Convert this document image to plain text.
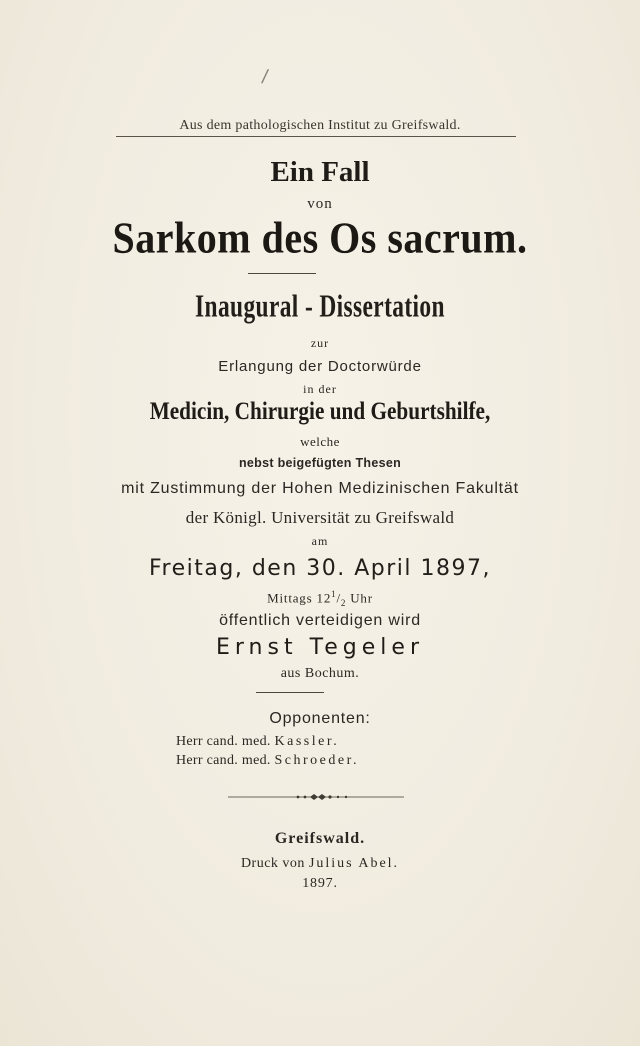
/
Aus dem pathologischen Institut zu Greifswald.
Ein Fall
von
Sarkom des Os sacrum.
Inaugural - Dissertation
zur
Erlangung der Doctorwürde
in der
Medicin, Chirurgie und Geburtshilfe,
welche
nebst beigefügten Thesen
mit Zustimmung der Hohen Medizinischen Fakultät
der Königl. Universität zu Greifswald
am
Freitag, den 30. April 1897,
Mittags $12^1/_2$ Uhr
öffentlich verteidigen wird
Ernst Tegeler
aus Bochum.
Opponenten:
Herr cand. med. Kassler.
Herr cand. med. Schroeder.
Greifswald.
Druck von Julius Abel.
1897.
